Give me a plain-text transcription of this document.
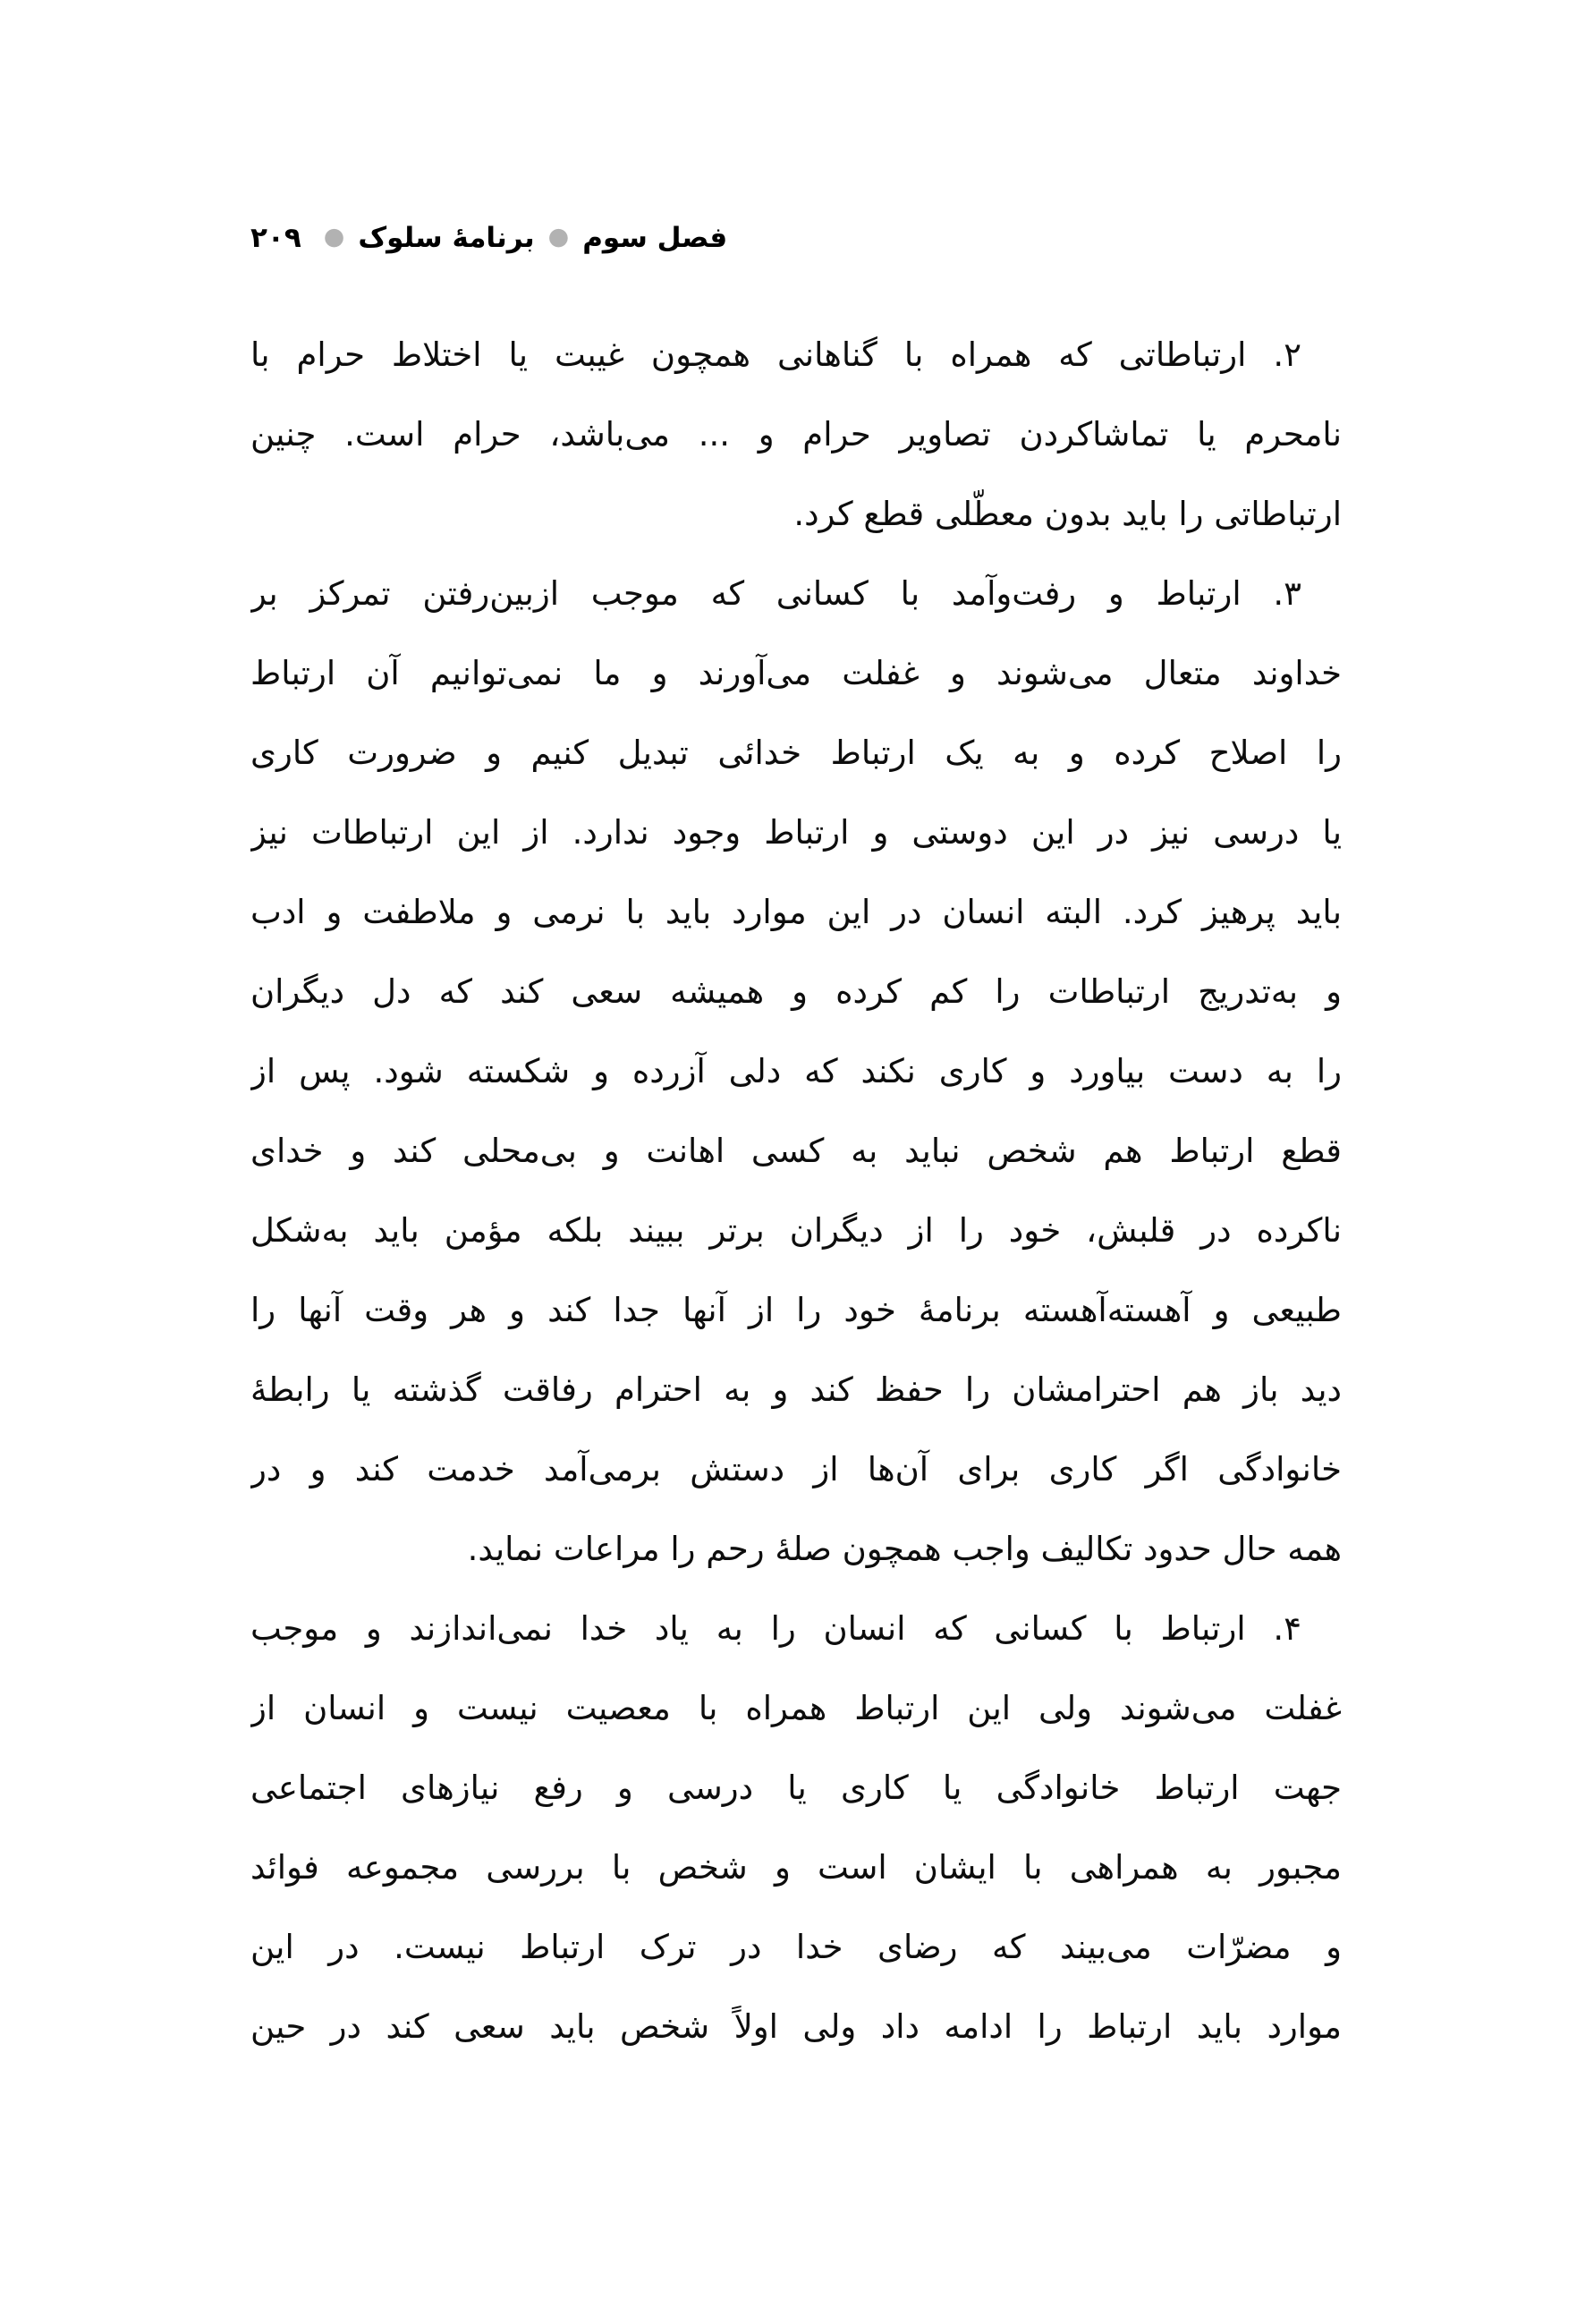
فصل سوم●برنامهٔ سلوک●۲۰۹
۲. ارتباطاتی که همراه با گناهانی همچون غیبت یا اختلاط حرام با
نامحرم یا تماشاکردن تصاویر حرام و ... می‌باشد، حرام است. چنین
ارتباطاتی را باید بدون معطّلی قطع کرد.
۳. ارتباط و رفت‌وآمد با کسانی که موجب ازبین‌رفتن تمرکز بر
خداوند متعال می‌شوند و غفلت می‌آورند و ما نمی‌توانیم آن ارتباط
را اصلاح کرده و به یک ارتباط خدائی تبدیل کنیم و ضرورت کاری
یا درسی نیز در این دوستی و ارتباط وجود ندارد. از این ارتباطات نیز
باید پرهیز کرد. البته انسان در این موارد باید با نرمی و ملاطفت و ادب
و به‌تدریج ارتباطات را کم کرده و همیشه سعی کند که دل دیگران
را به دست بیاورد و کاری نکند که دلی آزرده و شکسته شود. پس از
قطع ارتباط هم شخص نباید به کسی اهانت و بی‌محلی کند و خدای
ناکرده در قلبش، خود را از دیگران برتر ببیند بلکه مؤمن باید به‌شکل
طبیعی و آهسته‌آهسته برنامهٔ خود را از آنها جدا کند و هر وقت آنها را
دید باز هم احترامشان را حفظ کند و به احترام رفاقت گذشته یا رابطهٔ
خانوادگی اگر کاری برای آن‌ها از دستش برمی‌آمد خدمت کند و در
همه حال حدود تکالیف واجب همچون صلهٔ رحم را مراعات نماید.
۴. ارتباط با کسانی که انسان را به یاد خدا نمی‌اندازند و موجب
غفلت می‌شوند ولی این ارتباط همراه با معصیت نیست و انسان از
جهت ارتباط خانوادگی یا کاری یا درسی و رفع نیازهای اجتماعی
مجبور به همراهی با ایشان است و شخص با بررسی مجموعه فوائد
و مضرّات می‌بیند که رضای خدا در ترک ارتباط نیست. در این
موارد باید ارتباط را ادامه داد ولی اولاً شخص باید سعی کند در حین
